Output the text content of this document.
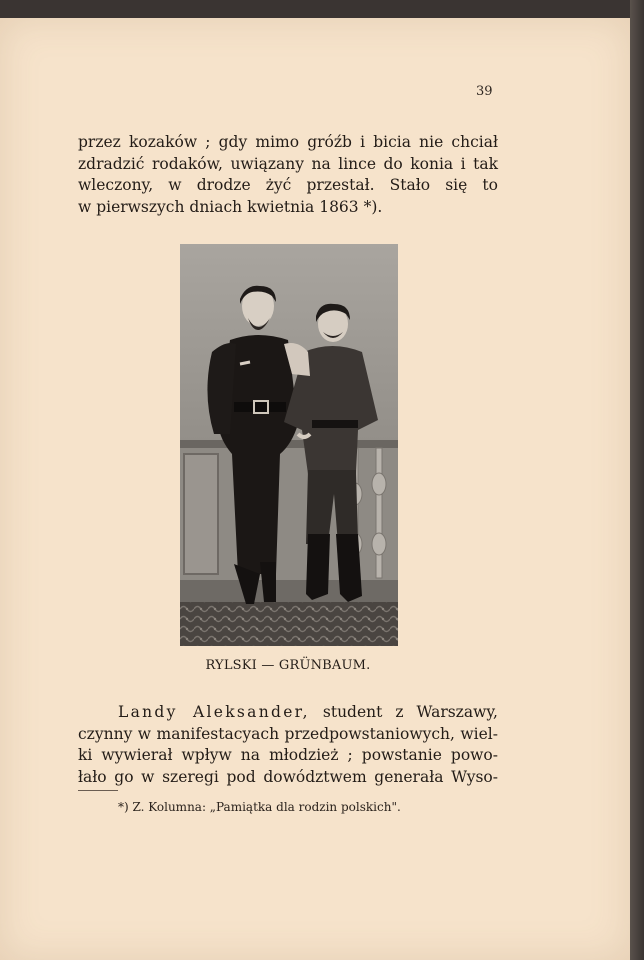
39
przez kozaków ; gdy mimo gróźb i bicia nie chciał
zdradzić rodaków, uwiązany na lince do konia i tak
wleczony, w drodze żyć przestał. Stało się to
w pierwszych dniach kwietnia 1863 *).
RYLSKI — GRÜNBAUM.
Landy Aleksander, student z Warszawy,
czynny w manifestacyach przedpowstaniowych, wiel-
ki wywierał wpływ na młodzież ; powstanie powo-
łało go w szeregi pod dowództwem generała Wyso-
*) Z. Kolumna: „Pamiątka dla rodzin polskich".
